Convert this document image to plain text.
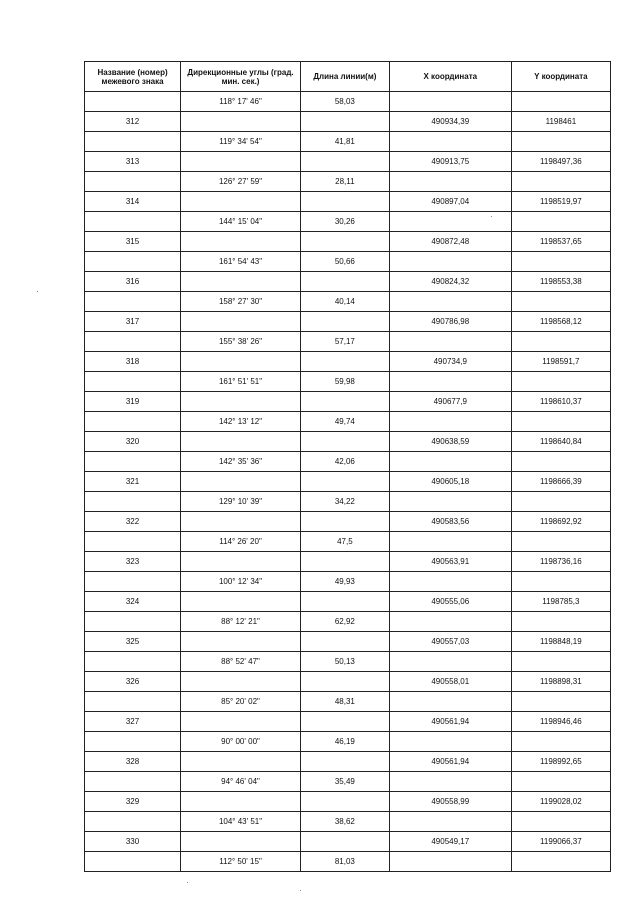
Название (номер) межевого знака	Дирекционные углы (град. мин. сек.)	Длина линии(м)	X координата	Y координата
	118° 17' 46"	58,03		
312			490934,39	1198461
	119° 34' 54"	41,81		
313			490913,75	1198497,36
	126° 27' 59"	28,11		
314			490897,04	1198519,97
	144° 15' 04"	30,26		
315			490872,48	1198537,65
	161° 54' 43"	50,66		
316			490824,32	1198553,38
	158° 27' 30"	40,14		
317			490786,98	1198568,12
	155° 38' 26"	57,17		
318			490734,9	1198591,7
	161° 51' 51"	59,98		
319			490677,9	1198610,37
	142° 13' 12"	49,74		
320			490638,59	1198640,84
	142° 35' 36"	42,06		
321			490605,18	1198666,39
	129° 10' 39"	34,22		
322			490583,56	1198692,92
	114° 26' 20"	47,5		
323			490563,91	1198736,16
	100° 12' 34"	49,93		
324			490555,06	1198785,3
	88° 12' 21"	62,92		
325			490557,03	1198848,19
	88° 52' 47"	50,13		
326			490558,01	1198898,31
	85° 20' 02"	48,31		
327			490561,94	1198946,46
	90° 00' 00"	46,19		
328			490561,94	1198992,65
	94° 46' 04"	35,49		
329			490558,99	1199028,02
	104° 43' 51"	38,62		
330			490549,17	1199066,37
	112° 50' 15"	81,03		
